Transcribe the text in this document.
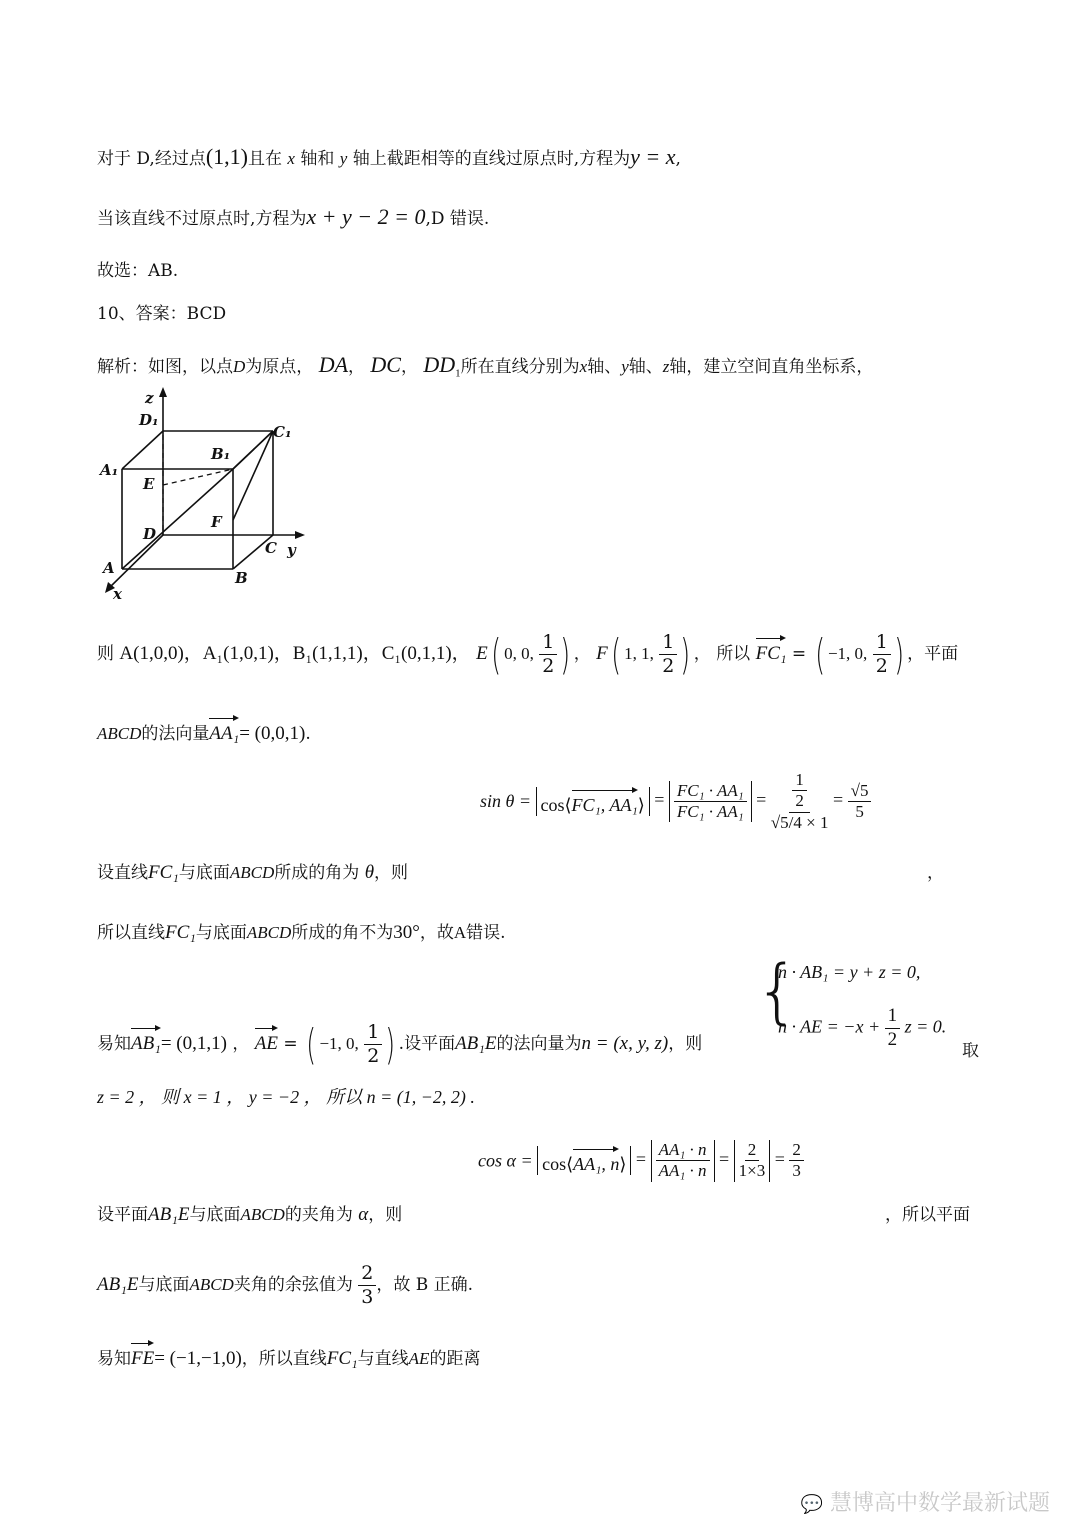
对于 D,经过点(1,1)且在 x 轴和 y 轴上截距相等的直线过原点时,方程为y = x,
当该直线不过原点时,方程为x + y − 2 = 0,D 错误.
故选：AB.
10、答案：BCD
解析：如图，以点D为原点， DA， DC， $DD_1$所在直线分别为x轴、y轴、z轴，建立空间直角坐标系，
z
D₁
C₁
A₁
B₁
E
F
D
C y
A
B
x
则 A(1,0,0)，A₁(1,0,1)，B₁(1,1,1)，C₁(0,1,1)， E( 0, 0, $\frac{1}{2}$ ) ， F( 1, 1, $\frac{1}{2}$ ) ， 所以 FC₁ = ( −1, 0, $\frac{1}{2}$ ) ，平面
ABCD的法向量AA₁= (0,0,1).
sin θ = cos⟨FC₁, AA₁⟩ = $\frac{\text{FC₁ · AA₁}}{\text{FC₁ · AA₁}} = \frac{\frac{1}{2}}{√5/4 \times 1} = \frac{√5}{5}$
设直线FC₁与底面ABCD所成的角为 θ，则	，
所以直线FC₁与底面ABCD所成的角不为30°，故A错误.
{
n · AB₁ = y + z = 0,
n · AE = $-x + \frac{1}{2}$ z = 0.
易知AB₁= (0,1,1) ， AE = ( −1, 0, $\frac{1}{2}$ ) .设平面AB₁E的法向量为n = (x, y, z)，则	取
z = 2 ， 则 x = 1 ， y = −2 ， 所以 n = (1, −2, 2) .
cos α = cos⟨AA₁, n⟩ = $\frac{\text{AA₁ · n}}{\text{AA₁ · n}} = \frac{2}{1\times 3} = \frac{2}{3}$
设平面AB₁E与底面ABCD的夹角为 α，则	，所以平面
AB₁E与底面ABCD夹角的余弦值为 $\frac{2}{3}$ ，故 B 正确.
易知FE= (−1,−1,0)，所以直线FC₁与直线AE的距离
💬 慧博高中数学最新试题
